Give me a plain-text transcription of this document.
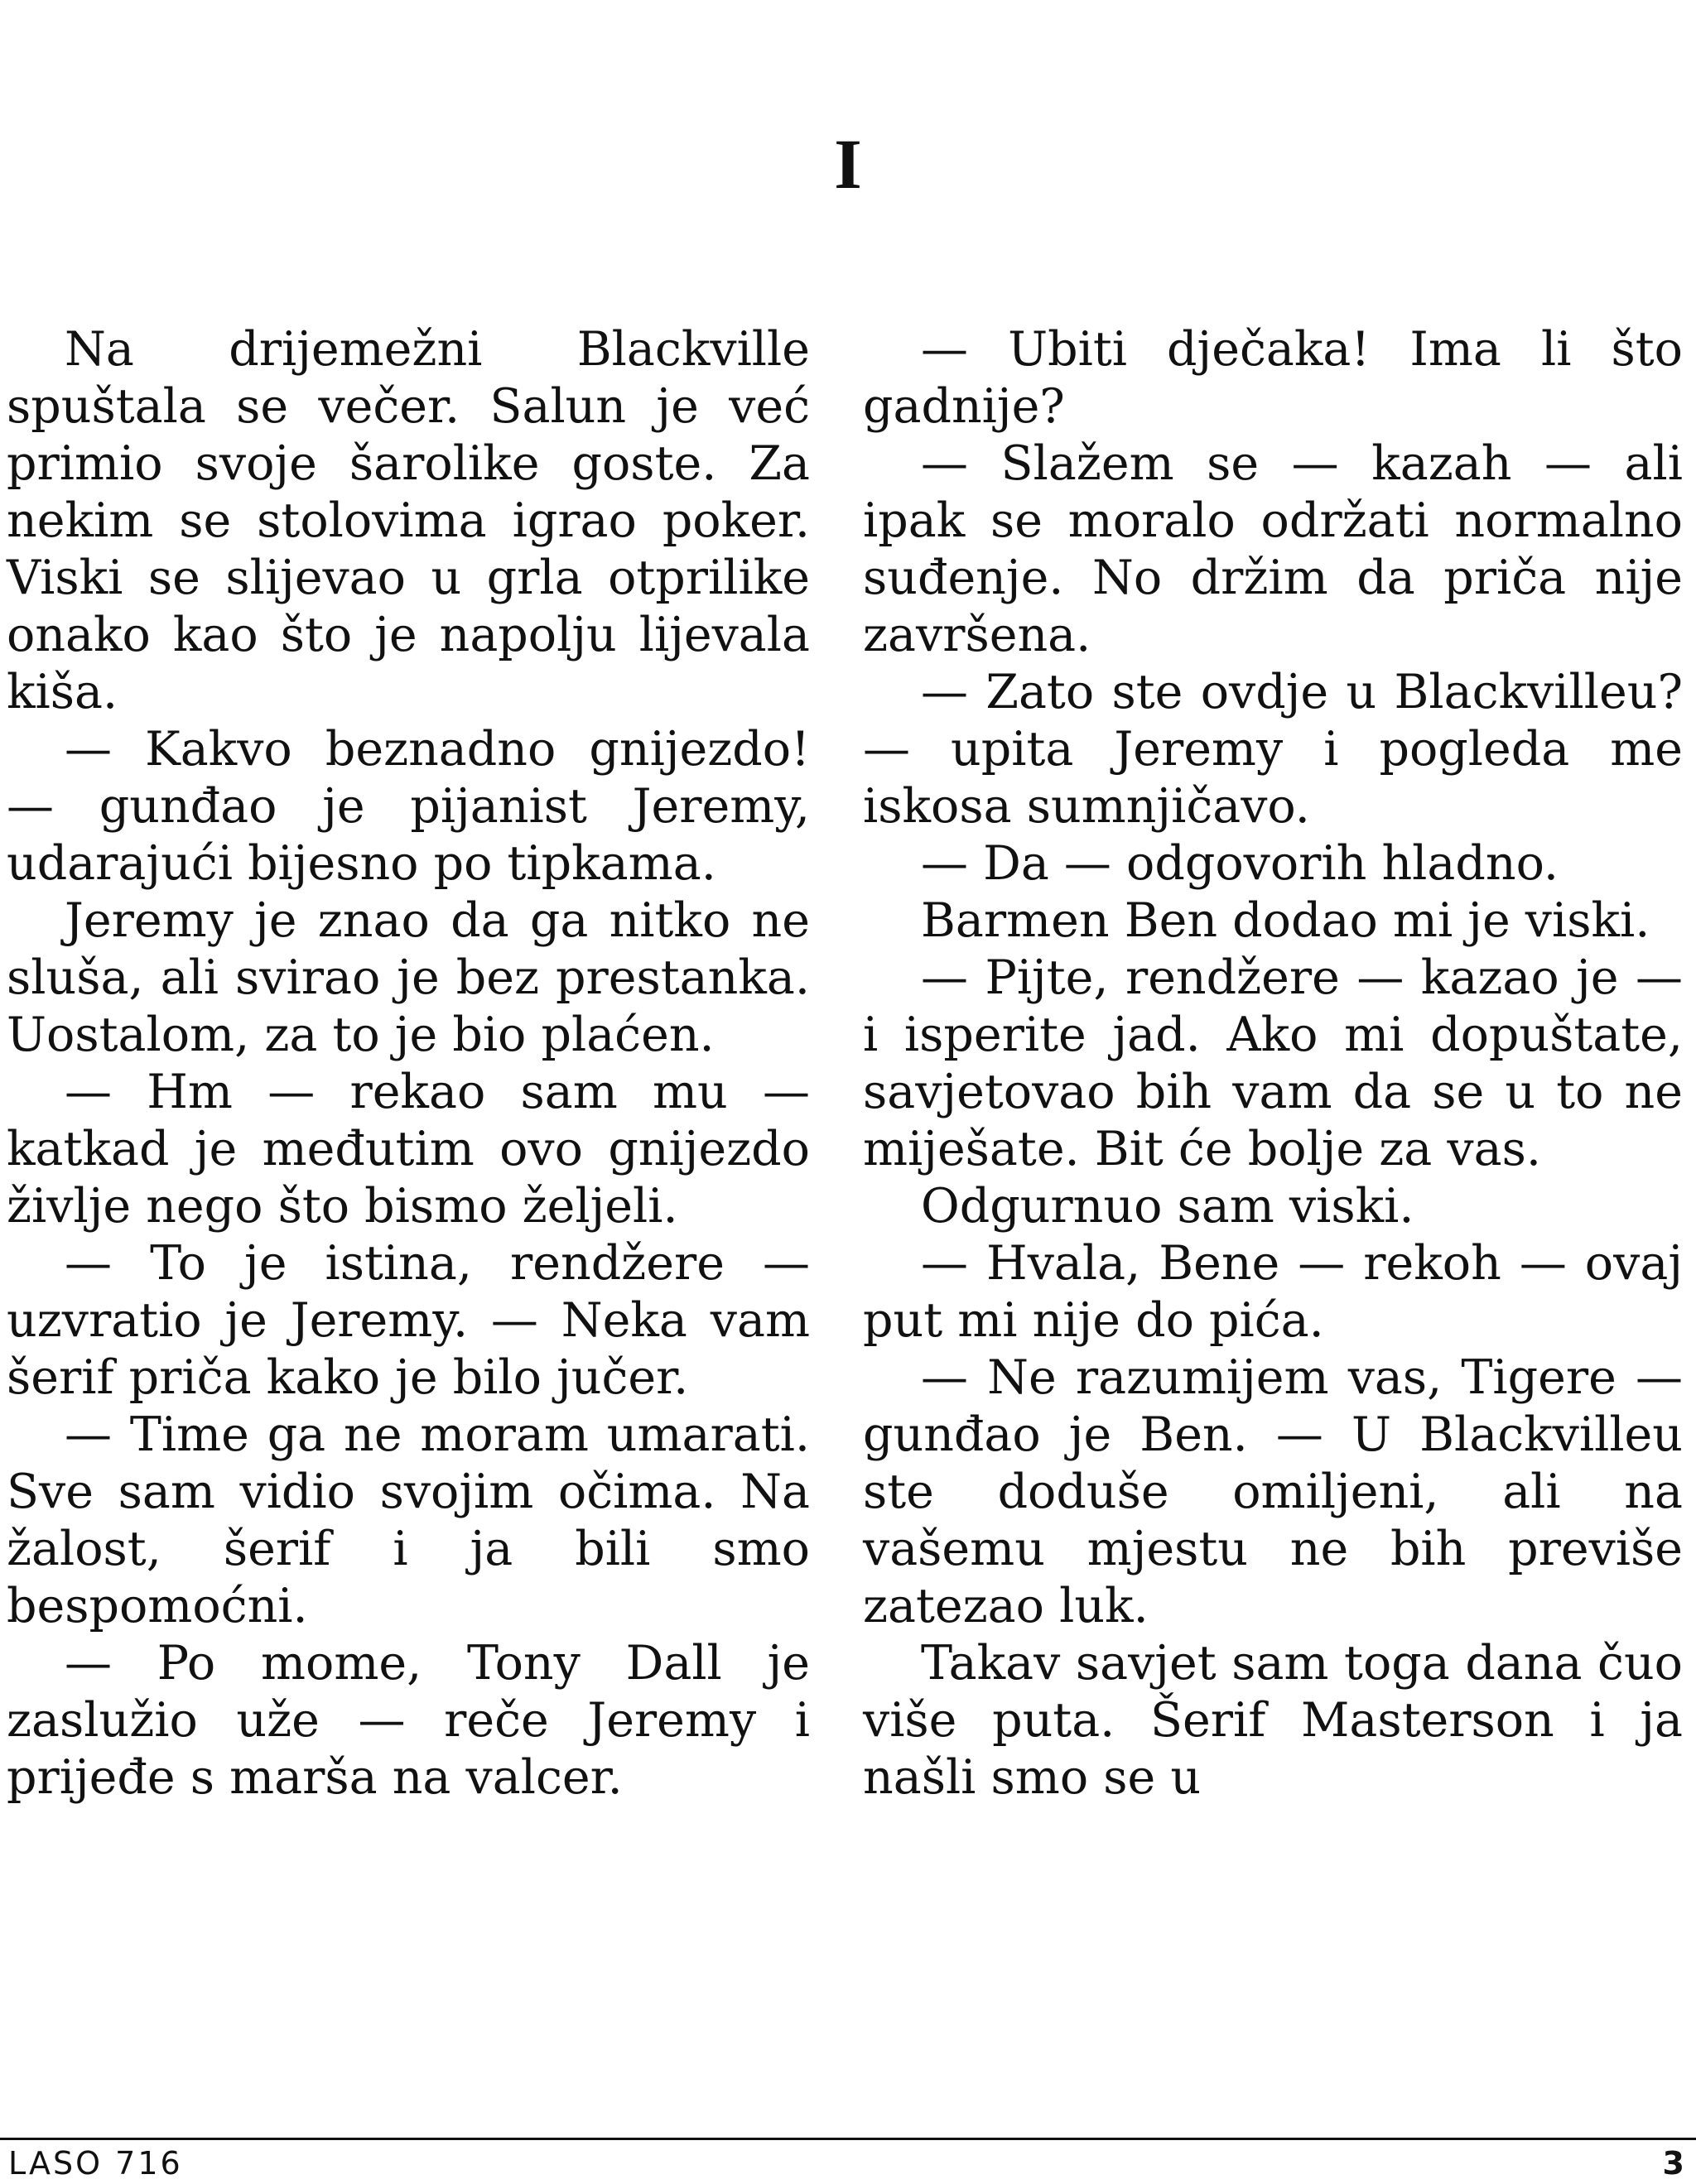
I

Na drijemežni Blackville spuštala se večer. Salun je već primio svoje šarolike goste. Za nekim se stolovima igrao poker. Viski se slijevao u grla otprilike onako kao što je napolju lijevala kiša.

— Kakvo beznadno gnijezdo! — gunđao je pijanist Jeremy, udarajući bijesno po tipkama.

Jeremy je znao da ga nitko ne sluša, ali svirao je bez prestanka. Uostalom, za to je bio plaćen.

— Hm — rekao sam mu — katkad je međutim ovo gnijezdo življe nego što bismo željeli.

— To je istina, rendžere — uzvratio je Jeremy. — Neka vam šerif priča kako je bilo jučer.

— Time ga ne moram umarati. Sve sam vidio svojim očima. Na žalost, šerif i ja bili smo bespomoćni.

— Po mome, Tony Dall je zaslužio uže — reče Jeremy i prijeđe s marša na valcer.

— Ubiti dječaka! Ima li što gadnije?

— Slažem se — kazah — ali ipak se moralo održati normalno suđenje. No držim da priča nije završena.

— Zato ste ovdje u Blackvilleu? — upita Jeremy i pogleda me iskosa sumnjičavo.

— Da — odgovorih hladno.

Barmen Ben dodao mi je viski.

— Pijte, rendžere — kazao je — i isperite jad. Ako mi dopuštate, savjetovao bih vam da se u to ne miješate. Bit će bolje za vas.

Odgurnuo sam viski.

— Hvala, Bene — rekoh — ovaj put mi nije do pića.

— Ne razumijem vas, Tigere — gunđao je Ben. — U Blackvilleu ste doduše omiljeni, ali na vašemu mjestu ne bih previše zatezao luk.

Takav savjet sam toga dana čuo više puta. Šerif Masterson i ja našli smo se u

LASO 716	3
